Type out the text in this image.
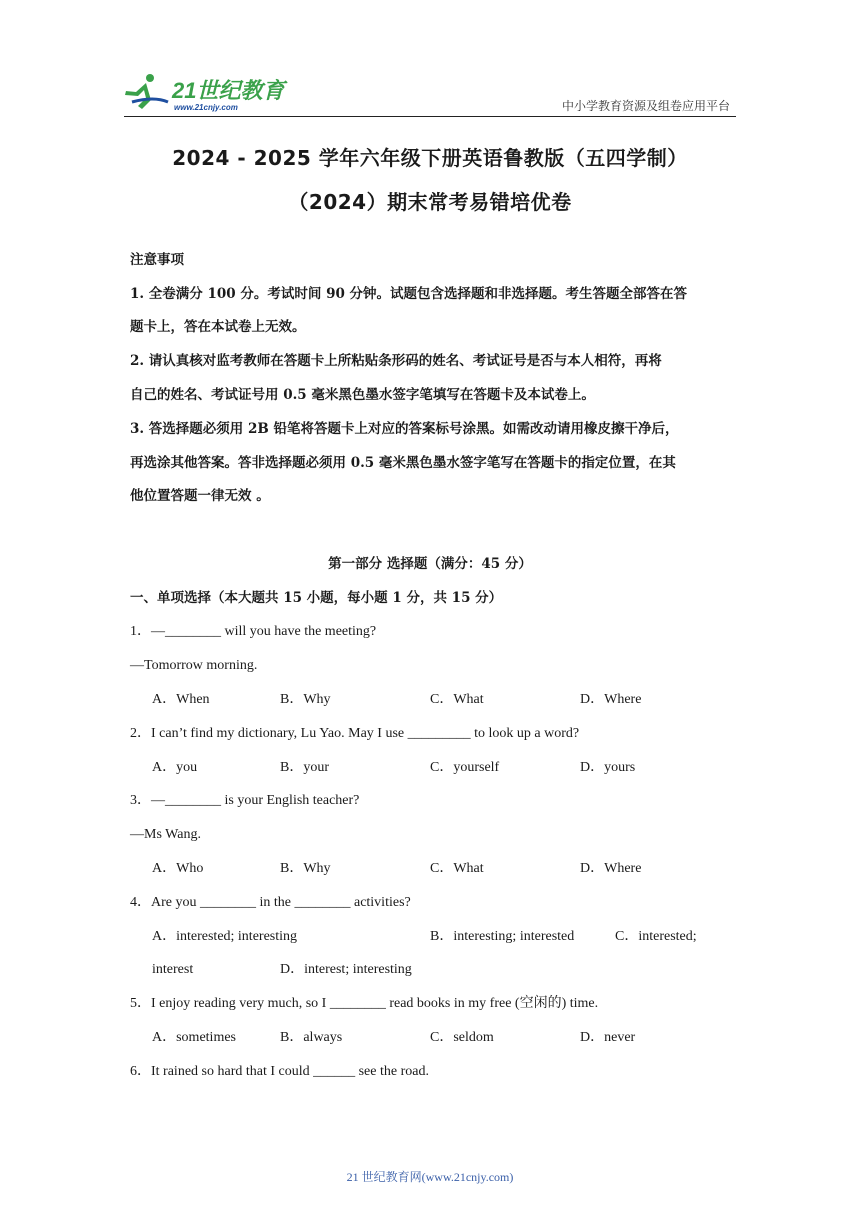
21世纪教育
www.21cnjy.com	中小学教育资源及组卷应用平台
2024 - 2025 学年六年级下册英语鲁教版（五四学制）
（2024）期末常考易错培优卷
注意事项
1. 全卷满分 100 分。考试时间 90 分钟。试题包含选择题和非选择题。考生答题全部答在答
题卡上，答在本试卷上无效。
2. 请认真核对监考教师在答题卡上所粘贴条形码的姓名、考试证号是否与本人相符，再将
自己的姓名、考试证号用 0.5 毫米黑色墨水签字笔填写在答题卡及本试卷上。
3. 答选择题必须用 2B 铅笔将答题卡上对应的答案标号涂黑。如需改动请用橡皮擦干净后，
再选涂其他答案。答非选择题必须用 0.5 毫米黑色墨水签字笔写在答题卡的指定位置，在其
他位置答题一律无效 。
第一部分 选择题（满分：45 分）
一、单项选择（本大题共 15 小题，每小题 1 分，共 15 分）
1．—________ will you have the meeting?
—Tomorrow morning.
A．When	B．Why	C．What	D．Where
2．I can’t find my dictionary, Lu Yao. May I use _________ to look up a word?
A．you	B．your	C．yourself	D．yours
3．—________ is your English teacher?
—Ms Wang.
A．Who	B．Why	C．What	D．Where
4．Are you ________ in the ________ activities?
A．interested; interesting	B．interesting; interested	C．interested;
interest	D．interest; interesting
5．I enjoy reading very much, so I ________ read books in my free (空闲的) time.
A．sometimes	B．always	C．seldom	D．never
6．It rained so hard that I could ______ see the road.
21 世纪教育网(www.21cnjy.com)
